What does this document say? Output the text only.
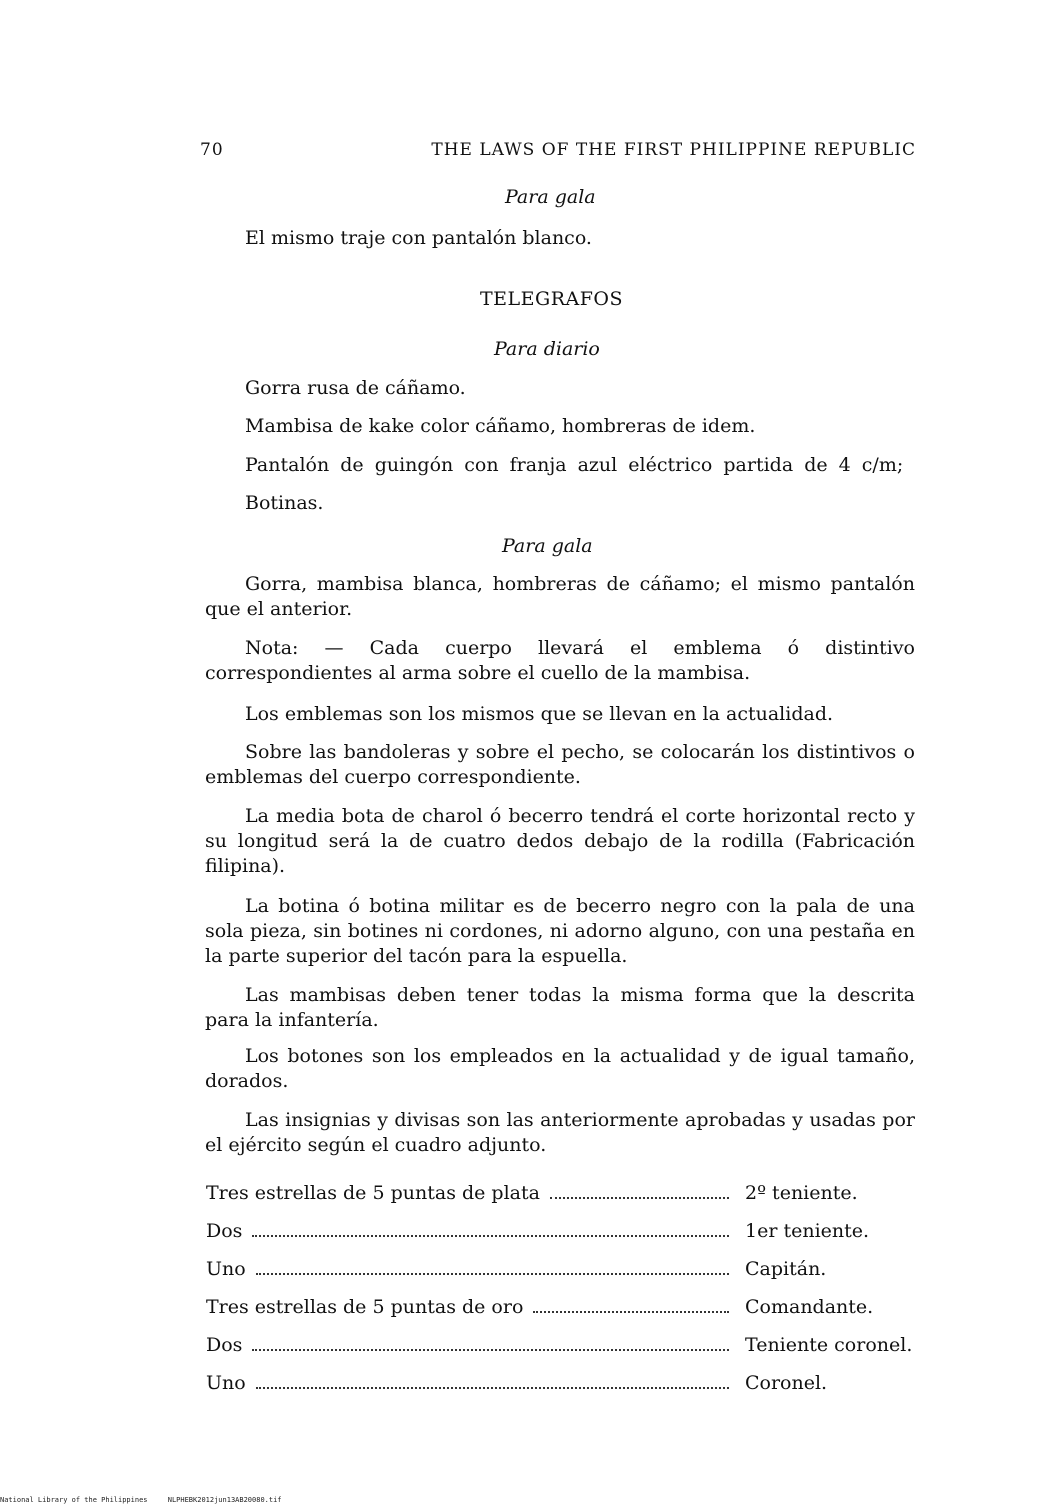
70	THE LAWS OF THE FIRST PHILIPPINE REPUBLIC
Para gala
El mismo traje con pantalón blanco.
TELEGRAFOS
Para diario
Gorra rusa de cáñamo.
Mambisa de kake color cáñamo, hombreras de idem.
Pantalón de guingón con franja azul eléctrico partida de 4 c/m;
Botinas.
Para gala
Gorra, mambisa blanca, hombreras de cáñamo; el mismo pantalón que el anterior.
Nota: — Cada cuerpo llevará el emblema ó distintivo correspondientes al arma sobre el cuello de la mambisa.
Los emblemas son los mismos que se llevan en la actualidad.
Sobre las bandoleras y sobre el pecho, se colocarán los distintivos o emblemas del cuerpo correspondiente.
La media bota de charol ó becerro tendrá el corte horizontal recto y su longitud será la de cuatro dedos debajo de la rodilla (Fabricación filipina).
La botina ó botina militar es de becerro negro con la pala de una sola pieza, sin botines ni cordones, ni adorno alguno, con una pestaña en la parte superior del tacón para la espuella.
Las mambisas deben tener todas la misma forma que la descrita para la infantería.
Los botones son los empleados en la actualidad y de igual tamaño, dorados.
Las insignias y divisas son las anteriormente aprobadas y usadas por el ejército según el cuadro adjunto.
Tres estrellas de 5 puntas de plata	2º teniente.
Dos	1er teniente.
Uno	Capitán.
Tres estrellas de 5 puntas de oro	Comandante.
Dos	Teniente coronel.
Uno	Coronel.
National Library of the Philippines	NLPHEBK2012jun13AB20080.tif
